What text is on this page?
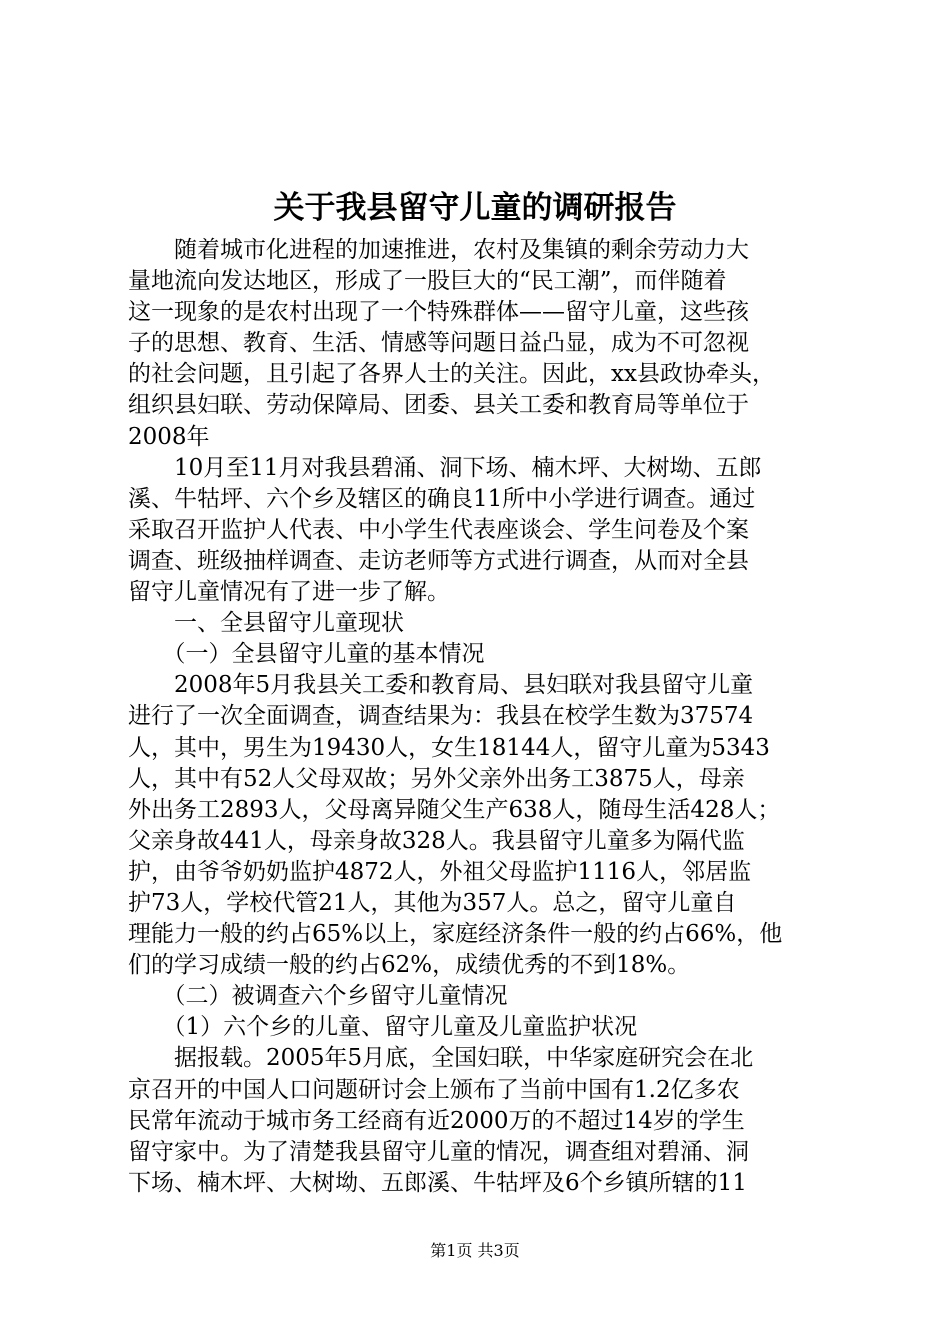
关于我县留守儿童的调研报告
　　随着城市化进程的加速推进，农村及集镇的剩余劳动力大
量地流向发达地区，形成了一股巨大的“民工潮”，而伴随着
这一现象的是农村出现了一个特殊群体——留守儿童，这些孩
子的思想、教育、生活、情感等问题日益凸显，成为不可忽视
的社会问题，且引起了各界人士的关注。因此，xx县政协牵头，
组织县妇联、劳动保障局、团委、县关工委和教育局等单位于
2008年
　　10月至11月对我县碧涌、洞下场、楠木坪、大树坳、五郎
溪、牛牯坪、六个乡及辖区的确良11所中小学进行调查。通过
采取召开监护人代表、中小学生代表座谈会、学生问卷及个案
调查、班级抽样调查、走访老师等方式进行调查，从而对全县
留守儿童情况有了进一步了解。
　　一、全县留守儿童现状
　　（一）全县留守儿童的基本情况
　　2008年5月我县关工委和教育局、县妇联对我县留守儿童
进行了一次全面调查，调查结果为：我县在校学生数为37574
人，其中，男生为19430人，女生18144人，留守儿童为5343
人，其中有52人父母双故；另外父亲外出务工3875人，母亲
外出务工2893人，父母离异随父生产638人，随母生活428人；
父亲身故441人，母亲身故328人。我县留守儿童多为隔代监
护，由爷爷奶奶监护4872人，外祖父母监护1116人，邻居监
护73人，学校代管21人，其他为357人。总之，留守儿童自
理能力一般的约占65%以上，家庭经济条件一般的约占66%，他
们的学习成绩一般的约占62%，成绩优秀的不到18%。
　　（二）被调查六个乡留守儿童情况
　　（1）六个乡的儿童、留守儿童及儿童监护状况
　　据报载。2005年5月底，全国妇联，中华家庭研究会在北
京召开的中国人口问题研讨会上颁布了当前中国有1.2亿多农
民常年流动于城市务工经商有近2000万的不超过14岁的学生
留守家中。为了清楚我县留守儿童的情况，调查组对碧涌、洞
下场、楠木坪、大树坳、五郎溪、牛牯坪及6个乡镇所辖的11
第1页 共3页
